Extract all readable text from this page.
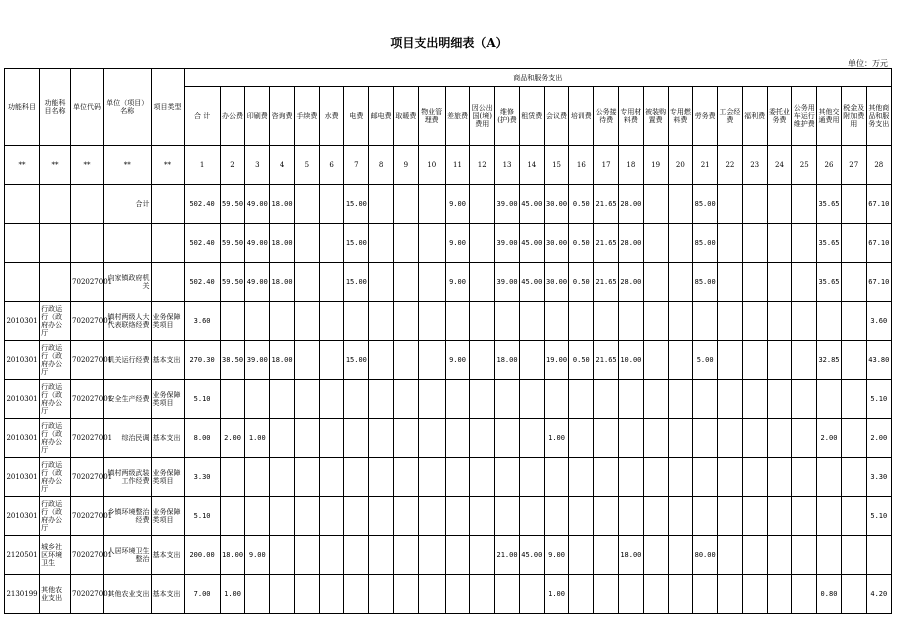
项目支出明细表（A）
单位：万元
功能科目	功能科目名称	单位代码	单位（项目）名称	项目类型	商品和服务支出																											
					合 计	办公费	印刷费	咨询费	手续费	水费	电费	邮电费	取暖费	物业管理费	差旅费	因公出国(境)费用	维修(护)费	租赁费	会议费	培训费	公务接待费	专用材料费	被装购置费	专用燃料费	劳务费	工会经费	福利费	委托业务费	公务用车运行维护费	其他交通费用	税金及附加费用	其他商品和服务支出
**	**	**	**	**	1	2	3	4	5	6	7	8	9	10	11	12	13	14	15	16	17	18	19	20	21	22	23	24	25	26	27	28
			合计		502.40	59.50	49.00	18.00			15.00				9.00		39.00	45.00	30.00	0.50	21.65	28.00			85.00					35.65		67.10
					502.40	59.50	49.00	18.00			15.00				9.00		39.00	45.00	30.00	0.50	21.65	28.00			85.00					35.65		67.10
		702027001	向家镇政府机关		502.40	59.50	49.00	18.00			15.00				9.00		39.00	45.00	30.00	0.50	21.65	28.00			85.00					35.65		67.10
2010301	行政运行（政府办公厅	702027001	镇村两级人大代表联络经费	业务保障类项目	3.60																											3.60
2010301	行政运行（政府办公厅	702027001	机关运行经费	基本支出	270.30	38.50	39.00	18.00			15.00				9.00		18.00		19.00	0.50	21.65	10.00			5.00					32.85		43.80
2010301	行政运行（政府办公厅	702027001	安全生产经费	业务保障类项目	5.10																											5.10
2010301	行政运行（政府办公厅	702027001	综治民调	基本支出	8.00	2.00	1.00												1.00											2.00		2.00
2010301	行政运行（政府办公厅	702027001	镇村两级武装工作经费	业务保障类项目	3.30																											3.30
2010301	行政运行（政府办公厅	702027001	乡镇环境整治经费	业务保障类项目	5.10																											5.10
2120501	城乡社区环境卫生	702027001	人居环境卫生整治	基本支出	200.00	18.00	9.00										21.00	45.00	9.00			18.00			80.00							
2130199	其他农业支出	702027001	其他农业支出	基本支出	7.00	1.00													1.00											0.80		4.20
